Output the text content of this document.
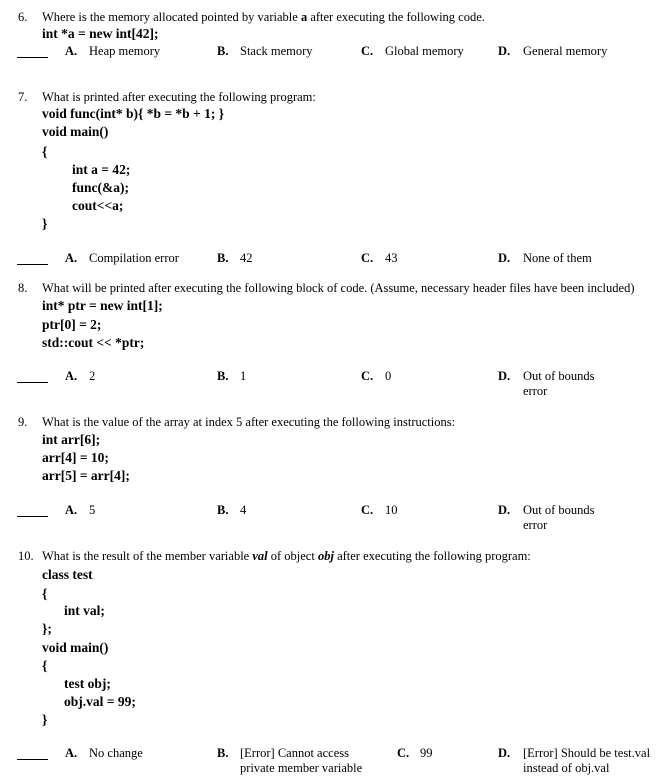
6. Where is the memory allocated pointed by variable a after executing the following code.
int *a = new int[42];
A. Heap memory	B. Stack memory	C. Global memory	D. General memory
7. What is printed after executing the following program:
void func(int* b){ *b = *b + 1; }
void main()
{
int a = 42;
func(&a);
cout<<a;
}
A. Compilation error	B. 42	C. 43	D. None of them
8. What will be printed after executing the following block of code. (Assume, necessary header files have been included)
int* ptr = new int[1];
ptr[0] = 2;
std::cout << *ptr;
A. 2	B. 1	C. 0	D. Out of bounds
error
9. What is the value of the array at index 5 after executing the following instructions:
int arr[6];
arr[4] = 10;
arr[5] = arr[4];
A. 5	B. 4	C. 10	D. Out of bounds
error
10. What is the result of the member variable val of object obj after executing the following program:
class test
{
int val;
};
void main()
{
test obj;
obj.val = 99;
}
A. No change	B. [Error] Cannot access
private member variable
C. 99	D. [Error] Should be test.val
instead of obj.val
